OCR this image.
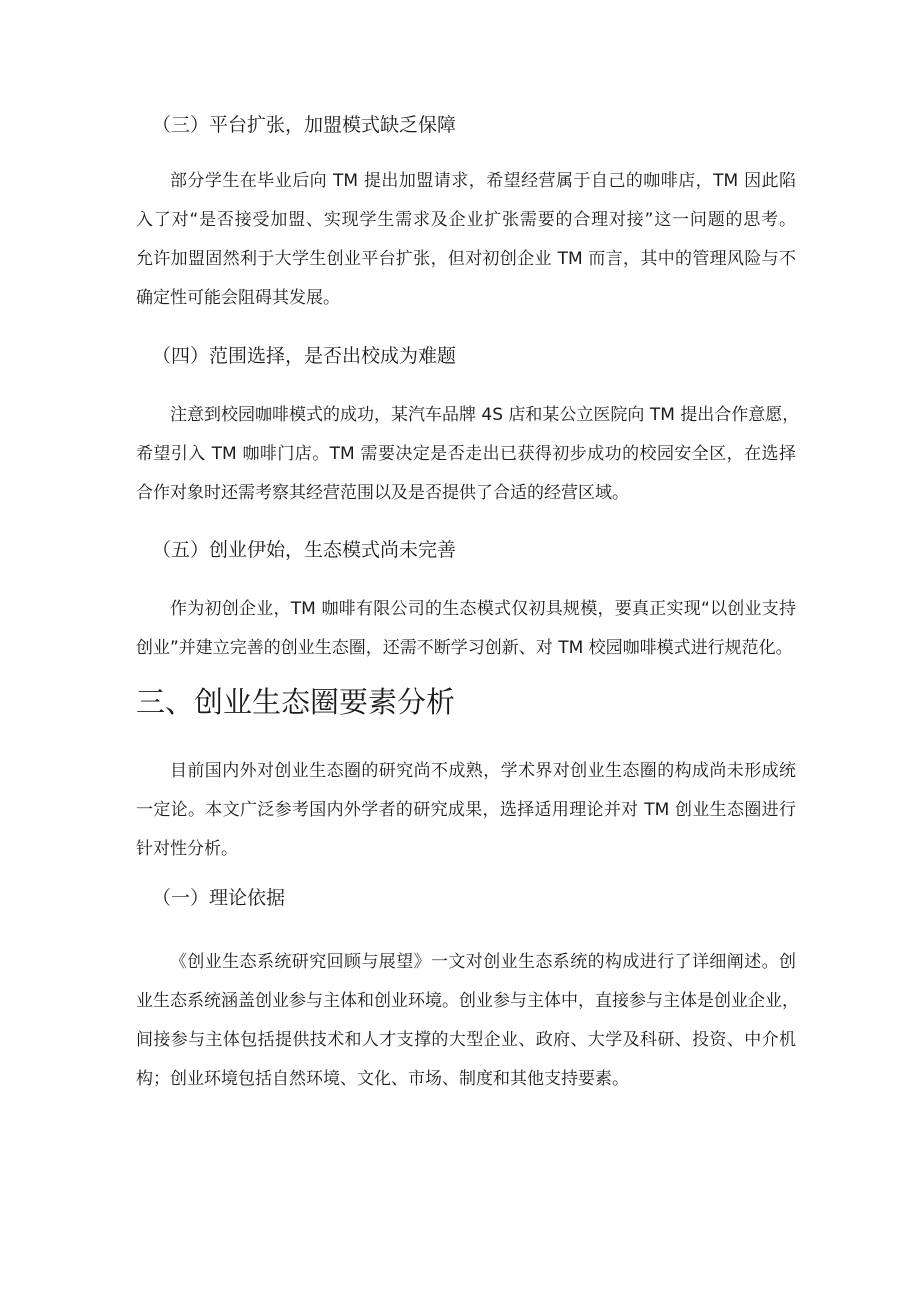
（三）平台扩张，加盟模式缺乏保障
部分学生在毕业后向 TM 提出加盟请求，希望经营属于自己的咖啡店，TM 因此陷
入了对“是否接受加盟、实现学生需求及企业扩张需要的合理对接”这一问题的思考。
允许加盟固然利于大学生创业平台扩张，但对初创企业 TM 而言，其中的管理风险与不
确定性可能会阻碍其发展。
（四）范围选择，是否出校成为难题
注意到校园咖啡模式的成功，某汽车品牌 4S 店和某公立医院向 TM 提出合作意愿，
希望引入 TM 咖啡门店。TM 需要决定是否走出已获得初步成功的校园安全区，在选择
合作对象时还需考察其经营范围以及是否提供了合适的经营区域。
（五）创业伊始，生态模式尚未完善
作为初创企业，TM 咖啡有限公司的生态模式仅初具规模，要真正实现“以创业支持
创业”并建立完善的创业生态圈，还需不断学习创新、对 TM 校园咖啡模式进行规范化。
三、创业生态圈要素分析
目前国内外对创业生态圈的研究尚不成熟，学术界对创业生态圈的构成尚未形成统
一定论。本文广泛参考国内外学者的研究成果，选择适用理论并对 TM 创业生态圈进行
针对性分析。
（一）理论依据
《创业生态系统研究回顾与展望》一文对创业生态系统的构成进行了详细阐述。创
业生态系统涵盖创业参与主体和创业环境。创业参与主体中，直接参与主体是创业企业，
间接参与主体包括提供技术和人才支撑的大型企业、政府、大学及科研、投资、中介机
构；创业环境包括自然环境、文化、市场、制度和其他支持要素。
